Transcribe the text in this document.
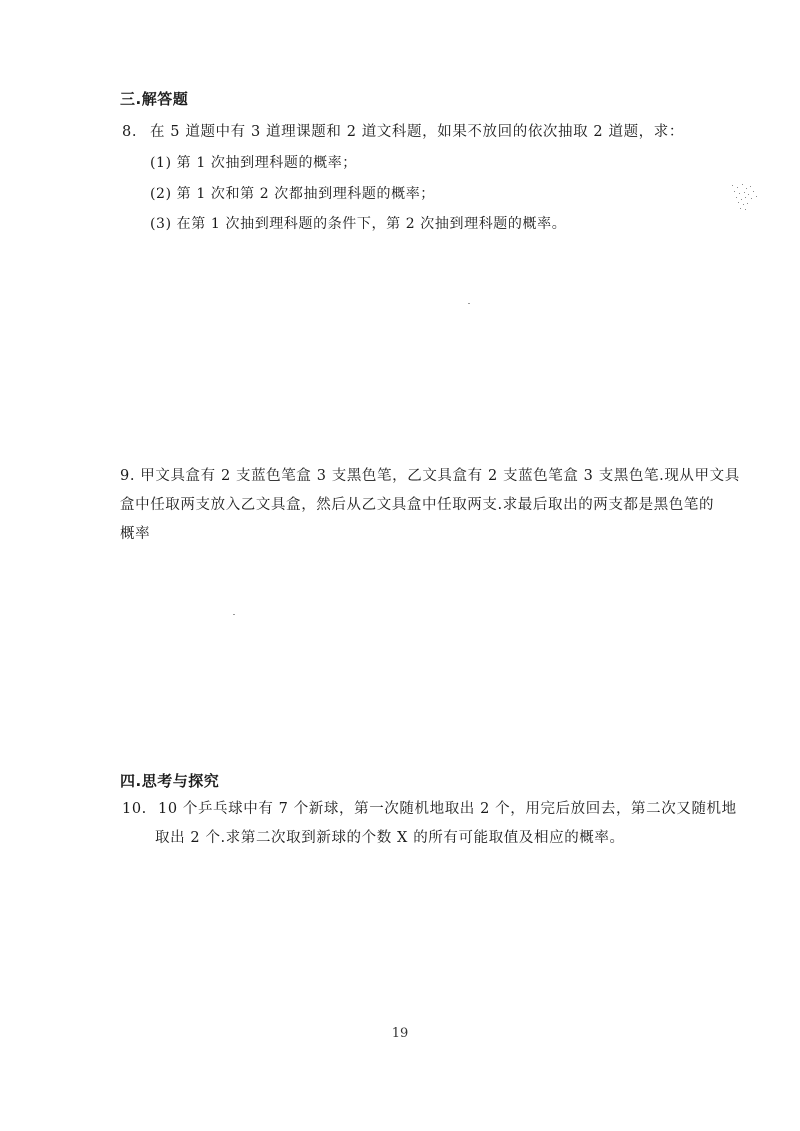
三.解答题
8. 在 5 道题中有 3 道理课题和 2 道文科题，如果不放回的依次抽取 2 道题，求：
(1) 第 1 次抽到理科题的概率；
(2) 第 1 次和第 2 次都抽到理科题的概率；
(3) 在第 1 次抽到理科题的条件下，第 2 次抽到理科题的概率。
9. 甲文具盒有 2 支蓝色笔盒 3 支黑色笔，乙文具盒有 2 支蓝色笔盒 3 支黑色笔.现从甲文具
盒中任取两支放入乙文具盒，然后从乙文具盒中任取两支.求最后取出的两支都是黑色笔的
概率
四.思考与探究
10. 10 个乒乓球中有 7 个新球，第一次随机地取出 2 个，用完后放回去，第二次又随机地
取出 2 个.求第二次取到新球的个数 X 的所有可能取值及相应的概率。
19
